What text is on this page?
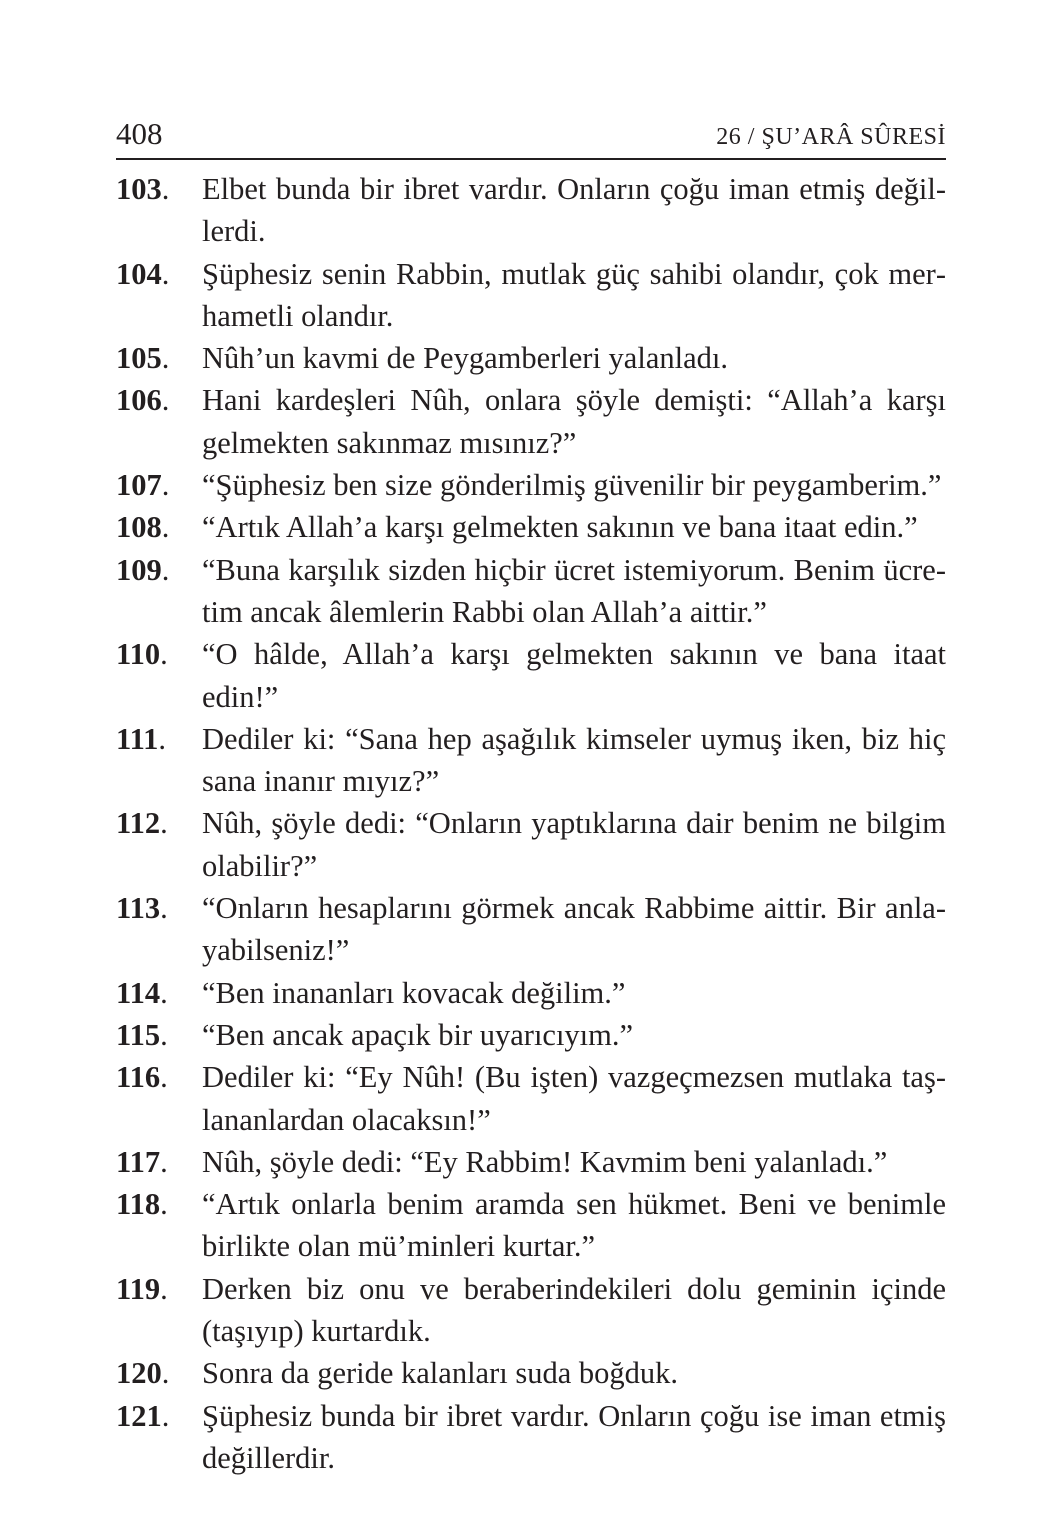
408	26 / ŞU’ARÂ SÛRESİ
103.	Elbet bunda bir ibret vardır. Onların çoğu iman etmiş değillerdi.
104.	Şüphesiz senin Rabbin, mutlak güç sahibi olandır, çok merhametli olandır.
105.	Nûh’un kavmi de Peygamberleri yalanladı.
106.	Hani kardeşleri Nûh, onlara şöyle demişti: “Allah’a karşı gelmekten sakınmaz mısınız?”
107.	“Şüphesiz ben size gönderilmiş güvenilir bir peygamberim.”
108.	“Artık Allah’a karşı gelmekten sakının ve bana itaat edin.”
109.	“Buna karşılık sizden hiçbir ücret istemiyorum. Benim ücretim ancak âlemlerin Rabbi olan Allah’a aittir.”
110.	“O hâlde, Allah’a karşı gelmekten sakının ve bana itaat edin!”
111.	Dediler ki: “Sana hep aşağılık kimseler uymuş iken, biz hiç sana inanır mıyız?”
112.	Nûh, şöyle dedi: “Onların yaptıklarına dair benim ne bilgim olabilir?”
113.	“Onların hesaplarını görmek ancak Rabbime aittir. Bir anlayabilseniz!”
114.	“Ben inananları kovacak değilim.”
115.	“Ben ancak apaçık bir uyarıcıyım.”
116.	Dediler ki: “Ey Nûh! (Bu işten) vazgeçmezsen mutlaka taşlananlardan olacaksın!”
117.	Nûh, şöyle dedi: “Ey Rabbim! Kavmim beni yalanladı.”
118.	“Artık onlarla benim aramda sen hükmet. Beni ve benimle birlikte olan mü’minleri kurtar.”
119.	Derken biz onu ve beraberindekileri dolu geminin içinde (taşıyıp) kurtardık.
120.	Sonra da geride kalanları suda boğduk.
121.	Şüphesiz bunda bir ibret vardır. Onların çoğu ise iman etmiş değillerdir.
